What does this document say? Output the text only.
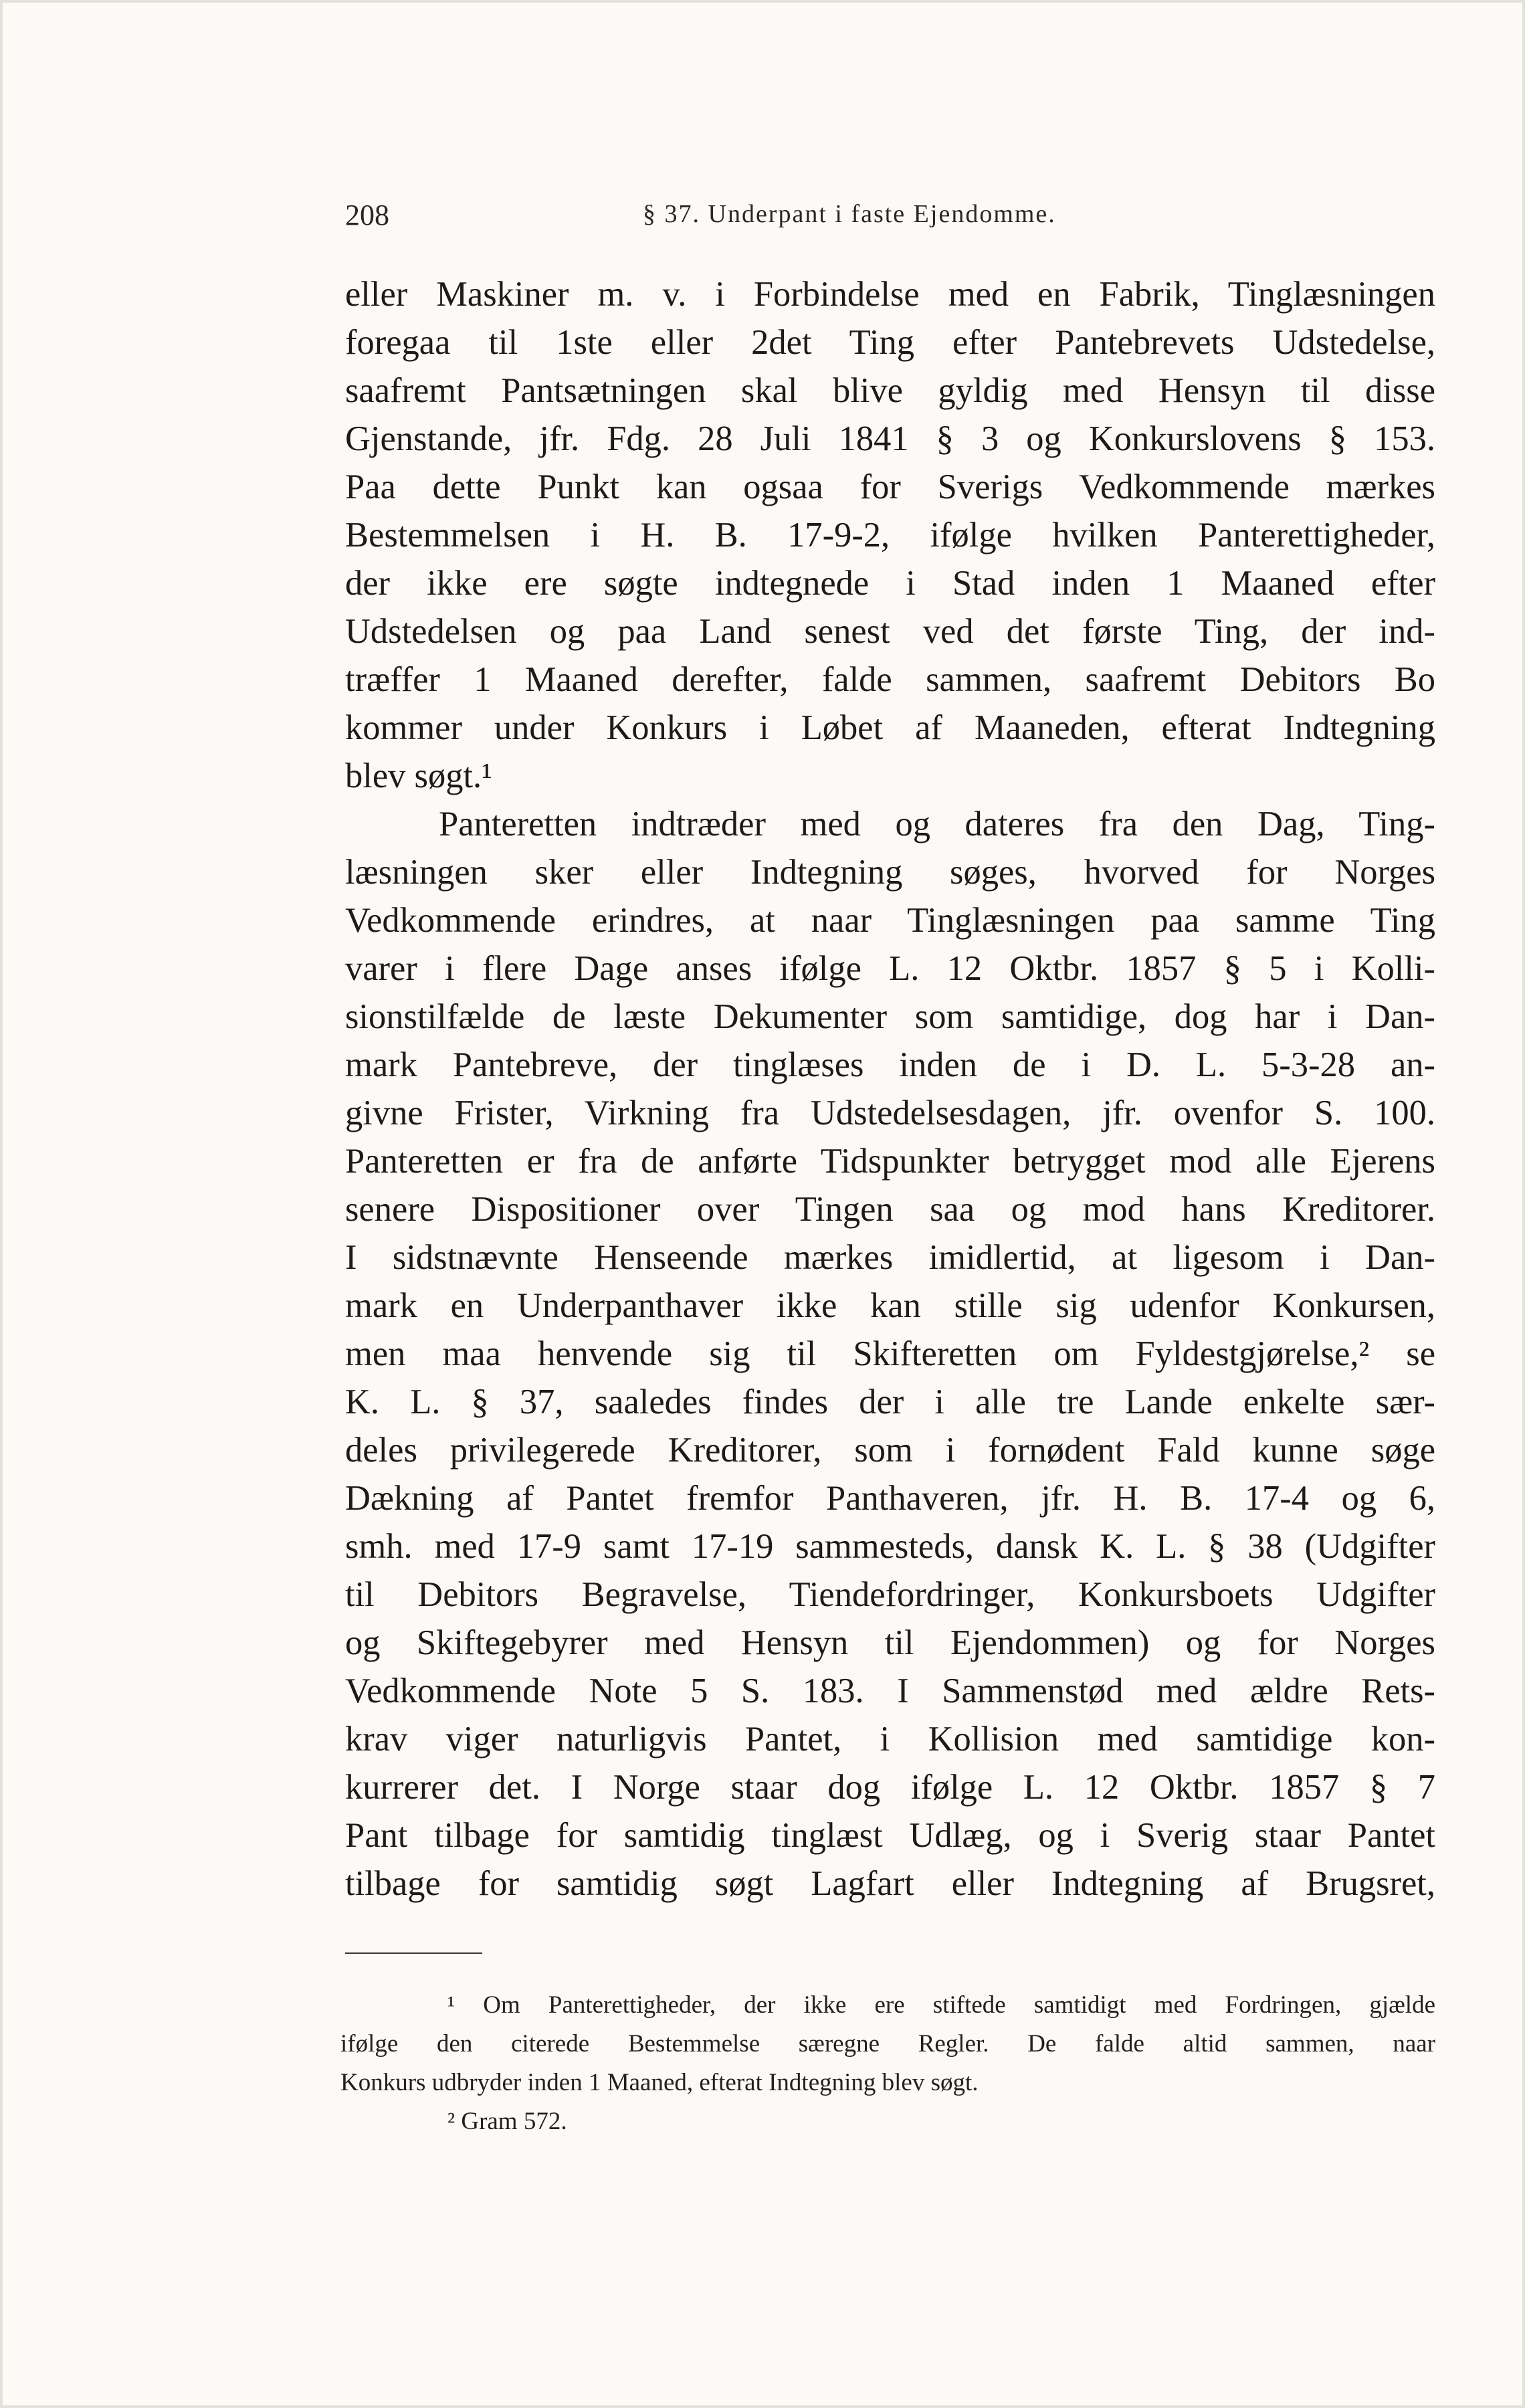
208	§ 37. Underpant i faste Ejendomme.
eller Maskiner m. v. i Forbindelse med en Fabrik, Tinglæsningen
foregaa til 1ste eller 2det Ting efter Pantebrevets Udstedelse,
saafremt Pantsætningen skal blive gyldig med Hensyn til disse
Gjenstande, jfr. Fdg. 28 Juli 1841 § 3 og Konkurslovens § 153.
Paa dette Punkt kan ogsaa for Sverigs Vedkommende mærkes
Bestemmelsen i H. B. 17-9-2, ifølge hvilken Panterettigheder,
der ikke ere søgte indtegnede i Stad inden 1 Maaned efter
Udstedelsen og paa Land senest ved det første Ting, der ind-
træffer 1 Maaned derefter, falde sammen, saafremt Debitors Bo
kommer under Konkurs i Løbet af Maaneden, efterat Indtegning
blev søgt.¹
Panteretten indtræder med og dateres fra den Dag, Ting-
læsningen sker eller Indtegning søges, hvorved for Norges
Vedkommende erindres, at naar Tinglæsningen paa samme Ting
varer i flere Dage anses ifølge L. 12 Oktbr. 1857 § 5 i Kolli-
sionstilfælde de læste Dekumenter som samtidige, dog har i Dan-
mark Pantebreve, der tinglæses inden de i D. L. 5-3-28 an-
givne Frister, Virkning fra Udstedelsesdagen, jfr. ovenfor S. 100.
Panteretten er fra de anførte Tidspunkter betrygget mod alle Ejerens
senere Dispositioner over Tingen saa og mod hans Kreditorer.
I sidstnævnte Henseende mærkes imidlertid, at ligesom i Dan-
mark en Underpanthaver ikke kan stille sig udenfor Konkursen,
men maa henvende sig til Skifteretten om Fyldestgjørelse,² se
K. L. § 37, saaledes findes der i alle tre Lande enkelte sær-
deles privilegerede Kreditorer, som i fornødent Fald kunne søge
Dækning af Pantet fremfor Panthaveren, jfr. H. B. 17-4 og 6,
smh. med 17-9 samt 17-19 sammesteds, dansk K. L. § 38 (Udgifter
til Debitors Begravelse, Tiendefordringer, Konkursboets Udgifter
og Skiftegebyrer med Hensyn til Ejendommen) og for Norges
Vedkommende Note 5 S. 183. I Sammenstød med ældre Rets-
krav viger naturligvis Pantet, i Kollision med samtidige kon-
kurrerer det. I Norge staar dog ifølge L. 12 Oktbr. 1857 § 7
Pant tilbage for samtidig tinglæst Udlæg, og i Sverig staar Pantet
tilbage for samtidig søgt Lagfart eller Indtegning af Brugsret,
¹ Om Panterettigheder, der ikke ere stiftede samtidigt med Fordringen, gjælde
ifølge den citerede Bestemmelse særegne Regler. De falde altid sammen, naar
Konkurs udbryder inden 1 Maaned, efterat Indtegning blev søgt.
² Gram 572.
